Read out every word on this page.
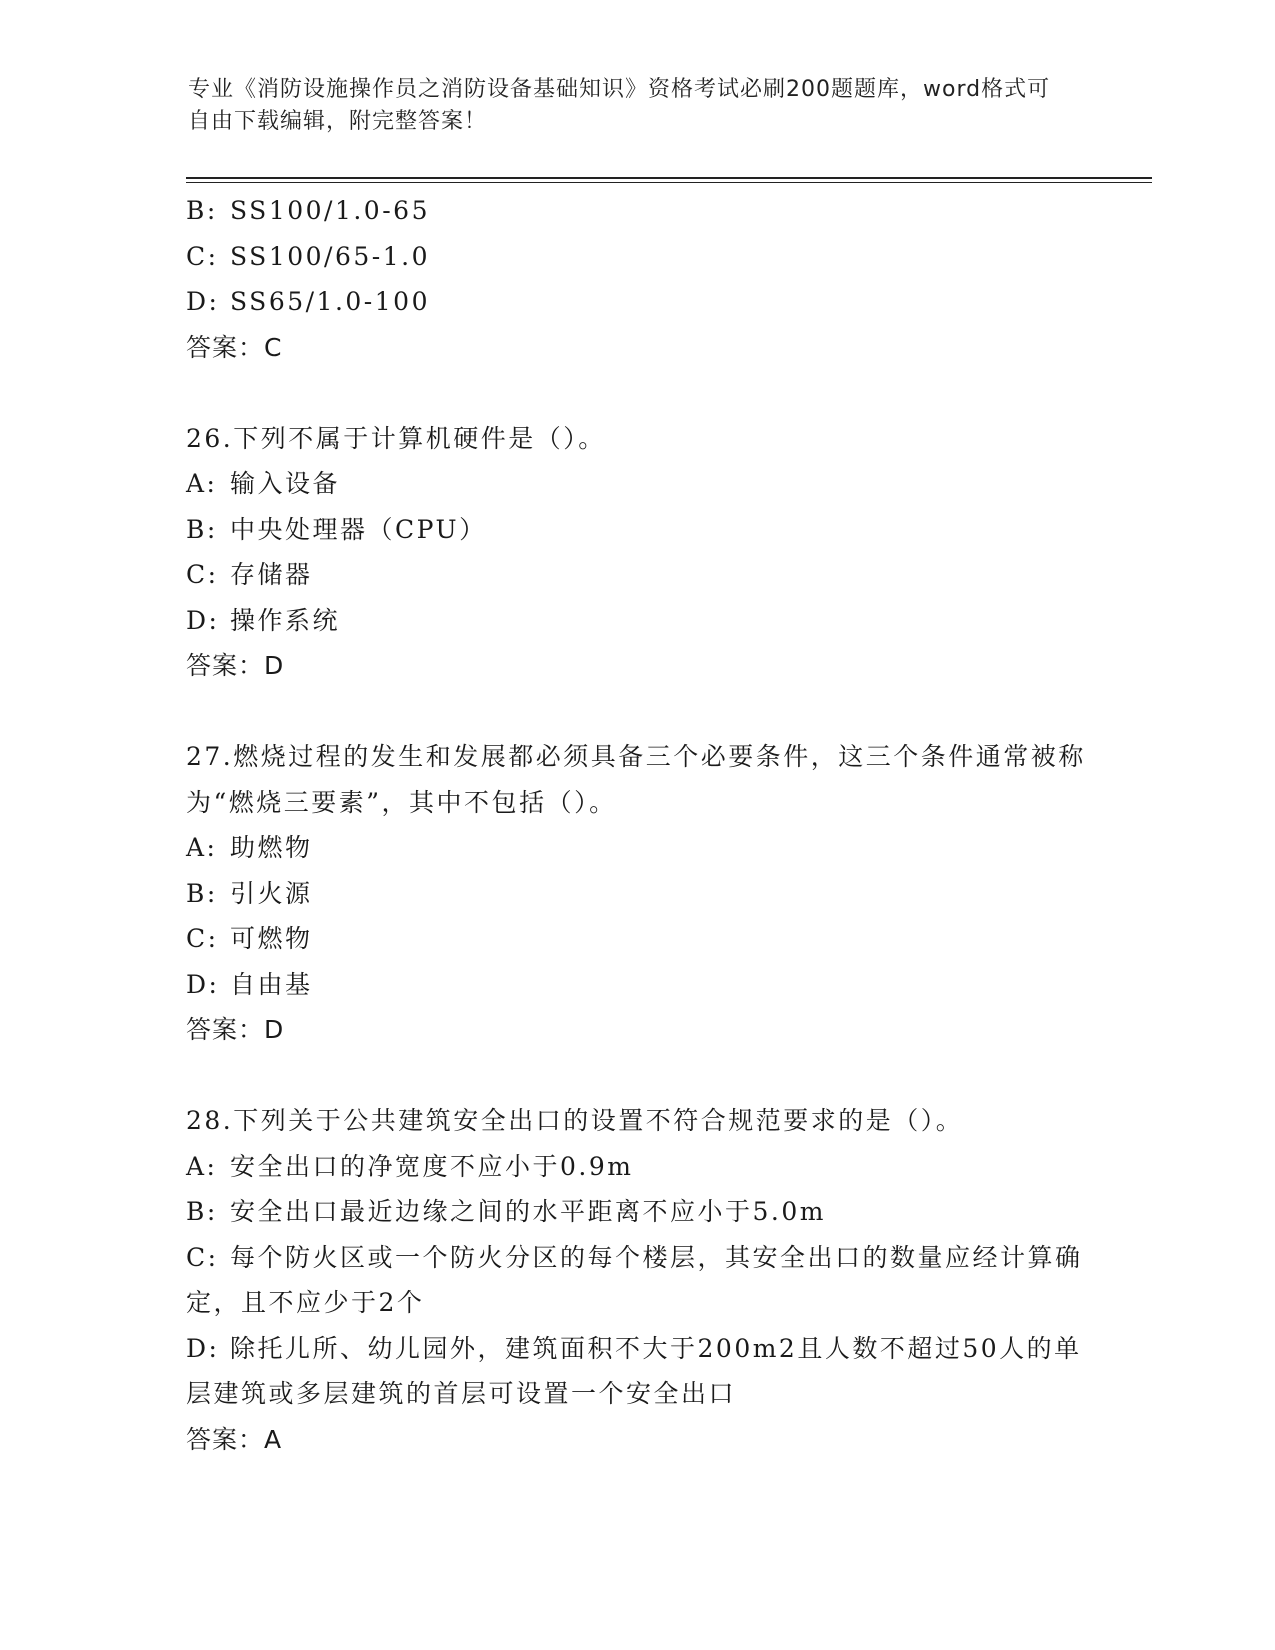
专业《消防设施操作员之消防设备基础知识》资格考试必刷200题题库，word格式可自由下载编辑，附完整答案！
B: SS100/1.0-65
C: SS100/65-1.0
D: SS65/1.0-100
答案：C
26.下列不属于计算机硬件是（）。
A: 输入设备
B: 中央处理器（CPU）
C: 存储器
D: 操作系统
答案：D
27.燃烧过程的发生和发展都必须具备三个必要条件，这三个条件通常被称为“燃烧三要素”，其中不包括（）。
A: 助燃物
B: 引火源
C: 可燃物
D: 自由基
答案：D
28.下列关于公共建筑安全出口的设置不符合规范要求的是（）。
A: 安全出口的净宽度不应小于0.9m
B: 安全出口最近边缘之间的水平距离不应小于5.0m
C: 每个防火区或一个防火分区的每个楼层，其安全出口的数量应经计算确定，且不应少于2个
D: 除托儿所、幼儿园外，建筑面积不大于200m2且人数不超过50人的单层建筑或多层建筑的首层可设置一个安全出口
答案：A
